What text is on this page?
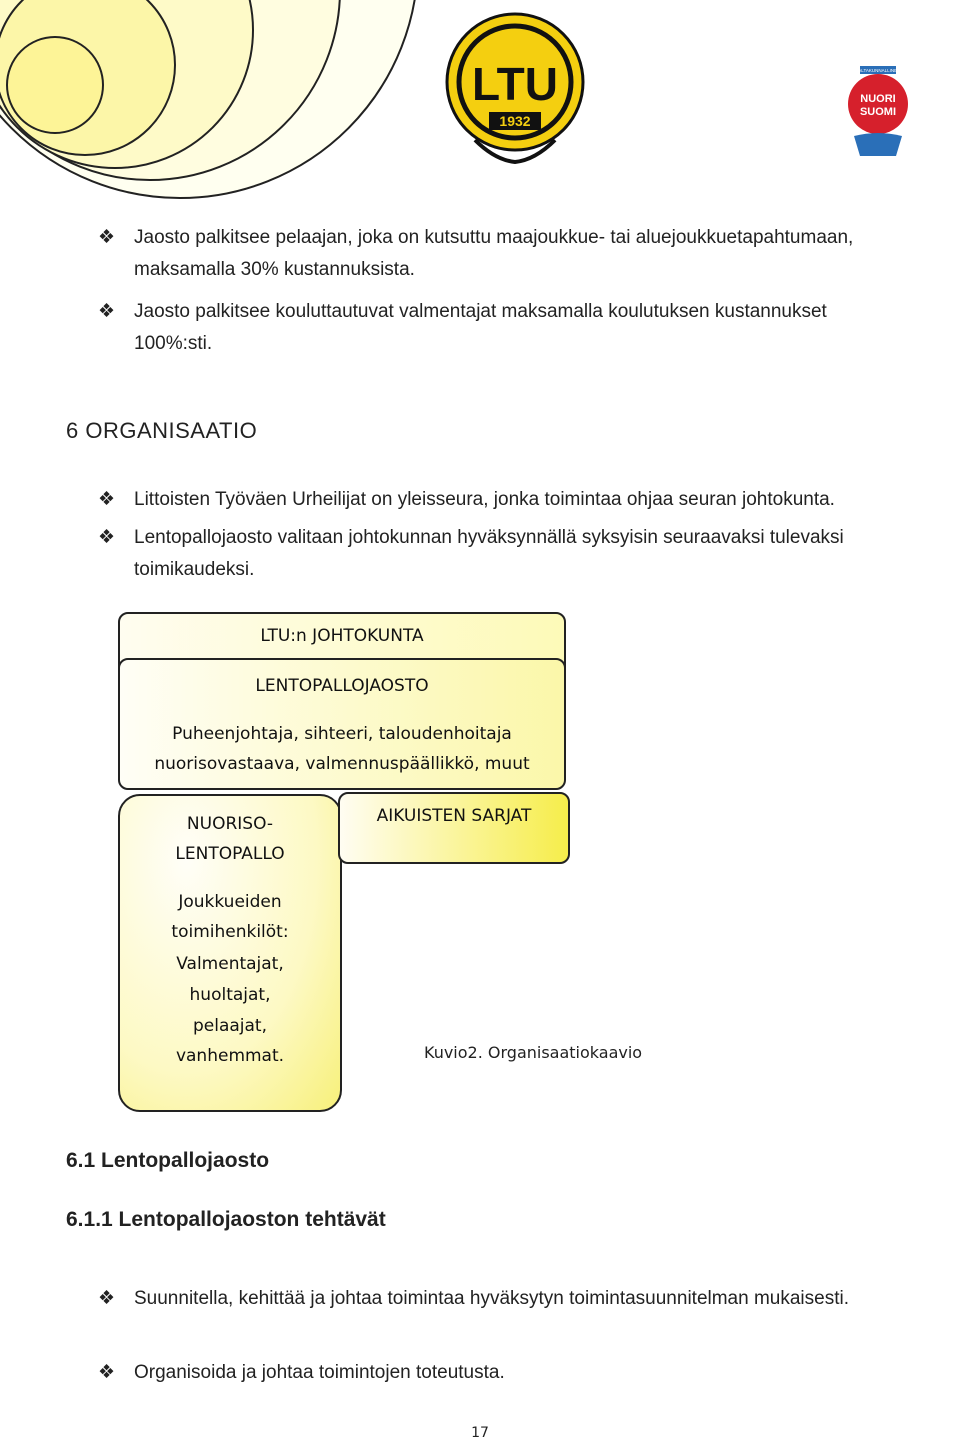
LTU
1932
VALTAKUNNALLINEN
NUORI
SUOMI
❖ Jaosto palkitsee pelaajan, joka on kutsuttu maajoukkue- tai aluejoukkuetapahtumaan,
maksamalla 30% kustannuksista.
❖ Jaosto palkitsee kouluttautuvat valmentajat maksamalla koulutuksen kustannukset
100%:sti.
6 ORGANISAATIO
❖ Littoisten Työväen Urheilijat on yleisseura, jonka toimintaa ohjaa seuran johtokunta.
❖ Lentopallojaosto valitaan johtokunnan hyväksynnällä syksyisin seuraavaksi tulevaksi
toimikaudeksi.
LTU:n JOHTOKUNTA
LENTOPALLOJAOSTO
Puheenjohtaja, sihteeri, taloudenhoitaja
nuorisovastaava, valmennuspäällikkö, muut
NUORISO-
LENTOPALLO
Joukkueiden
toimihenkilöt:
Valmentajat,
huoltajat,
pelaajat,
vanhemmat.
AIKUISTEN SARJAT
Kuvio2. Organisaatiokaavio
6.1 Lentopallojaosto
6.1.1 Lentopallojaoston tehtävät
❖ Suunnitella, kehittää ja johtaa toimintaa hyväksytyn toimintasuunnitelman mukaisesti.
❖ Organisoida ja johtaa toimintojen toteutusta.
17
